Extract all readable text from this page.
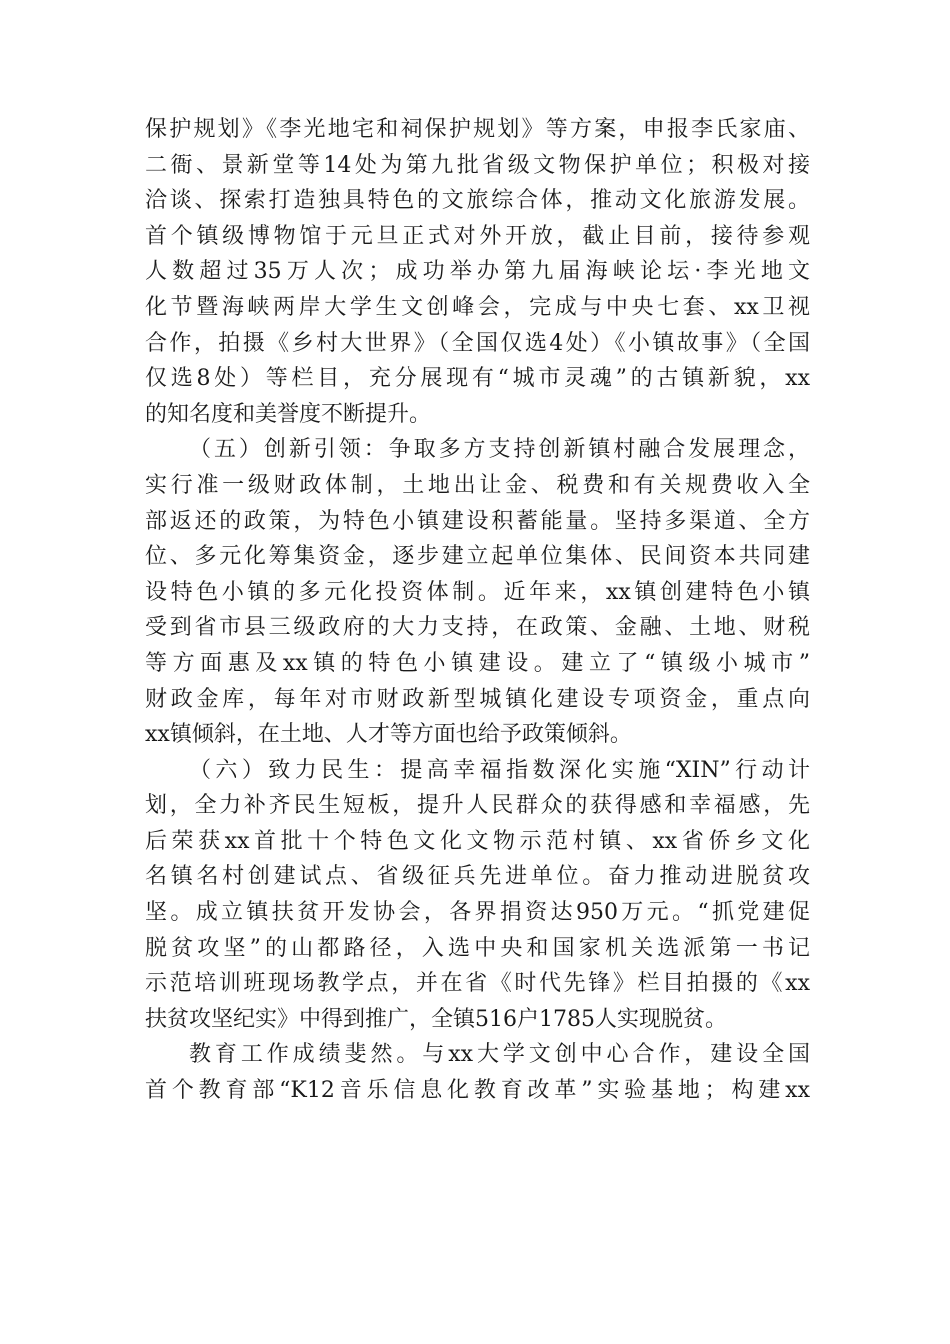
保护规划》《李光地宅和祠保护规划》等方案，申报李氏家庙、
二衙、景新堂等14处为第九批省级文物保护单位；积极对接
洽谈、探索打造独具特色的文旅综合体，推动文化旅游发展。
首个镇级博物馆于元旦正式对外开放，截止目前，接待参观
人数超过35万人次；成功举办第九届海峡论坛·李光地文
化节暨海峡两岸大学生文创峰会，完成与中央七套、xx卫视
合作，拍摄《乡村大世界》（全国仅选4处）《小镇故事》（全国
仅选8处）等栏目，充分展现有“城市灵魂”的古镇新貌，xx
的知名度和美誉度不断提升。
（五）创新引领：争取多方支持创新镇村融合发展理念，
实行准一级财政体制，土地出让金、税费和有关规费收入全
部返还的政策，为特色小镇建设积蓄能量。坚持多渠道、全方
位、多元化筹集资金，逐步建立起单位集体、民间资本共同建
设特色小镇的多元化投资体制。近年来，xx镇创建特色小镇
受到省市县三级政府的大力支持，在政策、金融、土地、财税
等方面惠及xx镇的特色小镇建设。建立了“镇级小城市”
财政金库，每年对市财政新型城镇化建设专项资金，重点向
xx镇倾斜，在土地、人才等方面也给予政策倾斜。
（六）致力民生：提高幸福指数深化实施“XIN”行动计
划，全力补齐民生短板，提升人民群众的获得感和幸福感，先
后荣获xx首批十个特色文化文物示范村镇、xx省侨乡文化
名镇名村创建试点、省级征兵先进单位。奋力推动进脱贫攻
坚。成立镇扶贫开发协会，各界捐资达950万元。“抓党建促
脱贫攻坚”的山都路径，入选中央和国家机关选派第一书记
示范培训班现场教学点，并在省《时代先锋》栏目拍摄的《xx
扶贫攻坚纪实》中得到推广，全镇516户1785人实现脱贫。
教育工作成绩斐然。与xx大学文创中心合作，建设全国
首个教育部“K12音乐信息化教育改革”实验基地；构建xx
